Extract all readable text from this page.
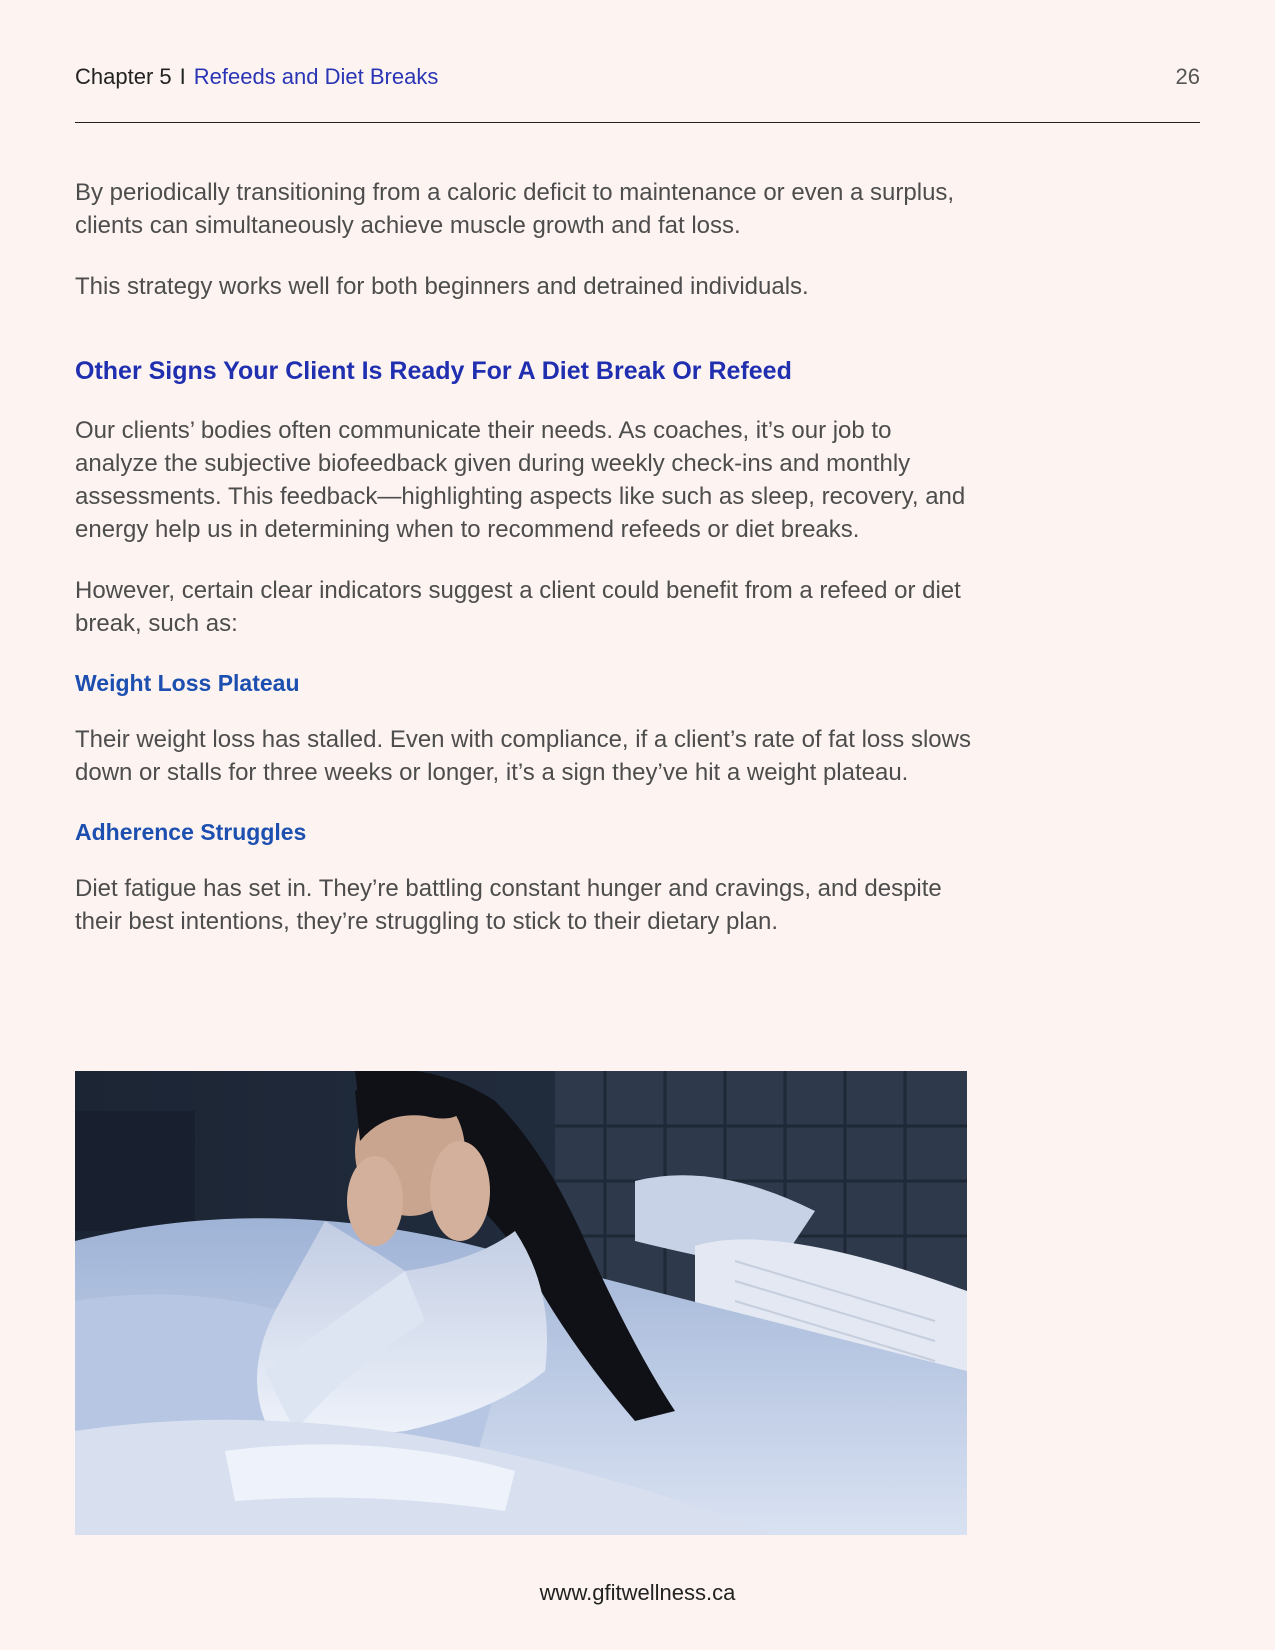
Chapter 5 I Refeeds and Diet Breaks	26

By periodically transitioning from a caloric deficit to maintenance or even a surplus, clients can simultaneously achieve muscle growth and fat loss.

This strategy works well for both beginners and detrained individuals.

Other Signs Your Client Is Ready For A Diet Break Or Refeed

Our clients’ bodies often communicate their needs. As coaches, it’s our job to analyze the subjective biofeedback given during weekly check-ins and monthly assessments. This feedback—highlighting aspects like such as sleep, recovery, and energy help us in determining when to recommend refeeds or diet breaks.

However, certain clear indicators suggest a client could benefit from a refeed or diet break, such as:

Weight Loss Plateau

Their weight loss has stalled. Even with compliance, if a client’s rate of fat loss slows down or stalls for three weeks or longer, it’s a sign they’ve hit a weight plateau.

Adherence Struggles

Diet fatigue has set in. They’re battling constant hunger and cravings, and despite their best intentions, they’re struggling to stick to their dietary plan.

www.gfitwellness.ca
